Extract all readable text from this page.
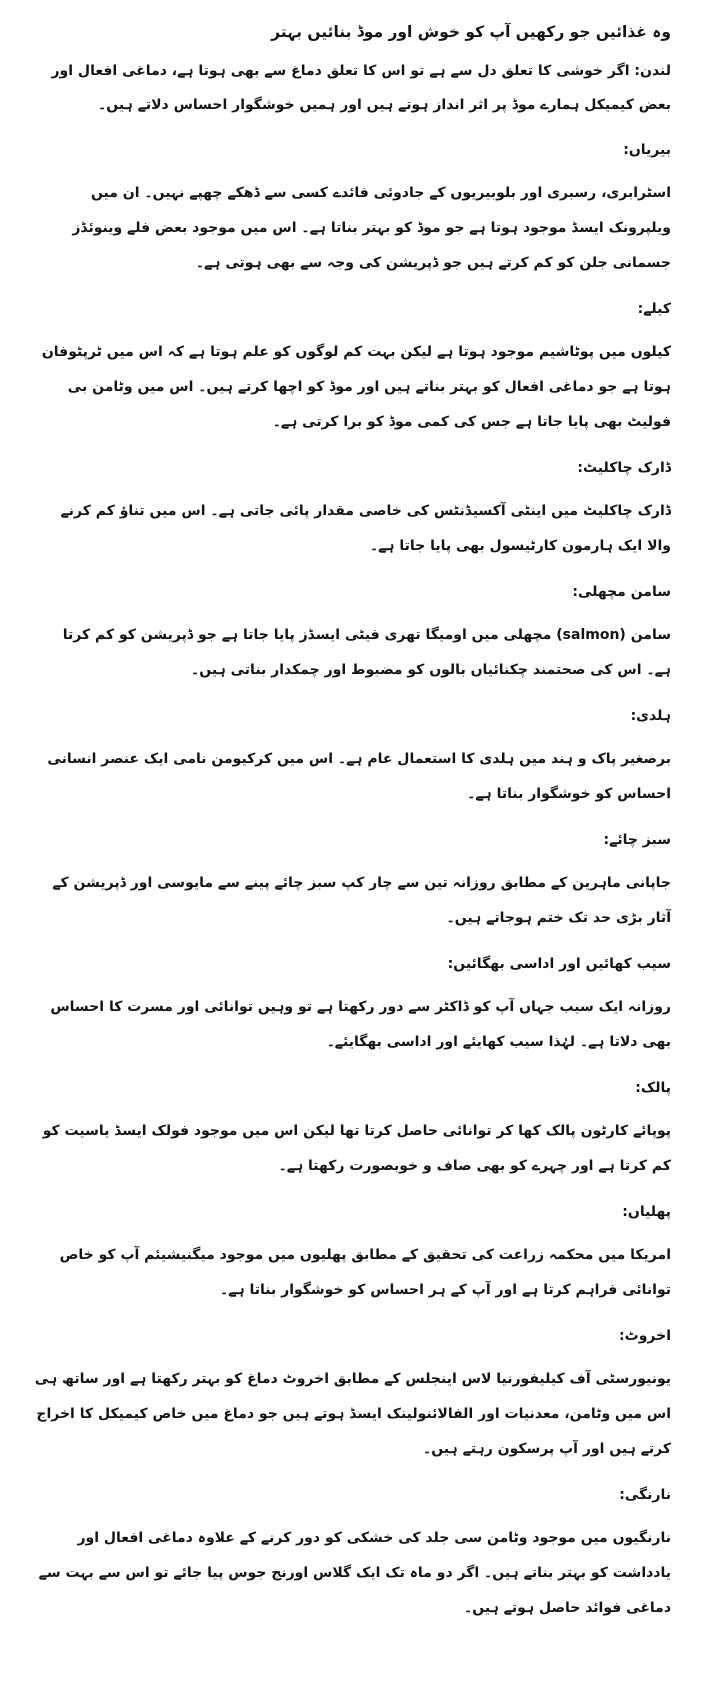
وہ غذائیں جو رکھیں آپ کو خوش اور موڈ بنائیں بہتر
لندن: اگر خوشی کا تعلق دل سے ہے تو اس کا تعلق دماغ سے بھی ہوتا ہے، دماغی افعال اور بعض کیمیکل ہمارے موڈ پر اثر انداز ہوتے ہیں اور ہمیں خوشگوار احساس دلاتے ہیں۔
بیریاں:
اسٹرابری، رسبری اور بلوبیریوں کے جادوئی فائدے کسی سے ڈھکے چھپے نہیں۔ ان میں ویلپرونک ایسڈ موجود ہوتا ہے جو موڈ کو بہتر بناتا ہے۔ اس میں موجود بعض فلے وینوئڈز جسمانی جلن کو کم کرتے ہیں جو ڈپریشن کی وجہ سے بھی ہوتی ہے۔
کیلے:
کیلوں میں پوٹاشیم موجود ہوتا ہے لیکن بہت کم لوگوں کو علم ہوتا ہے کہ اس میں ٹرپٹوفان ہوتا ہے جو دماغی افعال کو بہتر بناتے ہیں اور موڈ کو اچھا کرتے ہیں۔ اس میں وٹامن بی فولیٹ بھی پایا جاتا ہے جس کی کمی موڈ کو برا کرتی ہے۔
ڈارک چاکلیٹ:
ڈارک چاکلیٹ میں اینٹی آکسیڈنٹس کی خاصی مقدار پائی جاتی ہے۔ اس میں تناؤ کم کرنے والا ایک ہارمون کارٹیسول بھی پایا جاتا ہے۔
سامن مچھلی:
سامن (salmon) مچھلی میں اومیگا تھری فیٹی ایسڈز پایا جاتا ہے جو ڈپریشن کو کم کرتا ہے۔ اس کی صحتمند چکنائیاں بالوں کو مضبوط اور چمکدار بناتی ہیں۔
ہلدی:
برصغیر پاک و ہند میں ہلدی کا استعمال عام ہے۔ اس میں کرکیومن نامی ایک عنصر انسانی احساس کو خوشگوار بناتا ہے۔
سبز چائے:
جاپانی ماہرین کے مطابق روزانہ تین سے چار کپ سبز چائے پینے سے مایوسی اور ڈپریشن کے آثار بڑی حد تک ختم ہوجاتے ہیں۔
سیب کھائیں اور اداسی بھگائیں:
روزانہ ایک سیب جہاں آپ کو ڈاکٹر سے دور رکھتا ہے تو وہیں توانائی اور مسرت کا احساس بھی دلاتا ہے۔ لہٰذا سیب کھایئے اور اداسی بھگایئے۔
پالک:
پوپائے کارٹون پالک کھا کر توانائی حاصل کرتا تھا لیکن اس میں موجود فولک ایسڈ یاسیت کو کم کرتا ہے اور چہرے کو بھی صاف و خوبصورت رکھتا ہے۔
پھلیاں:
امریکا میں محکمہ زراعت کی تحقیق کے مطابق پھلیوں میں موجود میگنیشیئم آپ کو خاص توانائی فراہم کرتا ہے اور آپ کے ہر احساس کو خوشگوار بناتا ہے۔
اخروٹ:
یونیورسٹی آف کیلیفورنیا لاس اینجلس کے مطابق اخروٹ دماغ کو بہتر رکھتا ہے اور ساتھ ہی اس میں وٹامن، معدنیات اور الفالائنولینک ایسڈ ہوتے ہیں جو دماغ میں خاص کیمیکل کا اخراج کرتے ہیں اور آپ پرسکون رہتے ہیں۔
نارنگی:
نارنگیوں میں موجود وٹامن سی جلد کی خشکی کو دور کرنے کے علاوہ دماغی افعال اور یادداشت کو بہتر بناتے ہیں۔ اگر دو ماہ تک ایک گلاس اورنج جوس پیا جائے تو اس سے بہت سے دماغی فوائد حاصل ہوتے ہیں۔
